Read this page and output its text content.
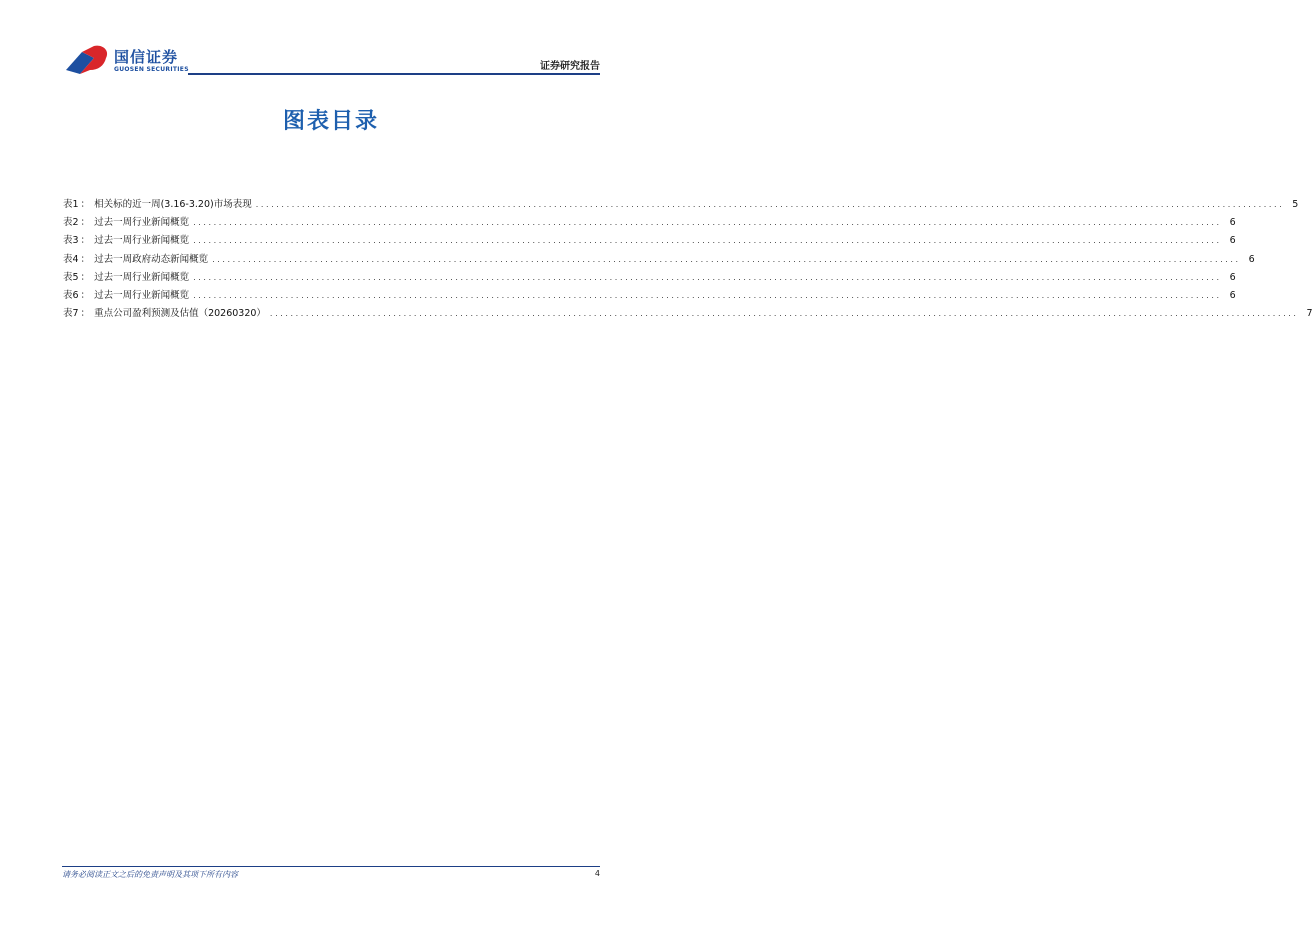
国信证券
GUOSEN SECURITIES	证券研究报告
图表目录
表1 ： 相关标的近一周(3.16-3.20)市场表现 ........................................................................................................................................................................................................ 5
表2 ： 过去一周行业新闻概览 ........................................................................................................................................................................................................ 6
表3 ： 过去一周行业新闻概览 ........................................................................................................................................................................................................ 6
表4 ： 过去一周政府动态新闻概览 ........................................................................................................................................................................................................ 6
表5 ： 过去一周行业新闻概览 ........................................................................................................................................................................................................ 6
表6 ： 过去一周行业新闻概览 ........................................................................................................................................................................................................ 6
表7 ： 重点公司盈利预测及估值（20260320） ........................................................................................................................................................................................................ 7
请务必阅读正文之后的免责声明及其项下所有内容	4
